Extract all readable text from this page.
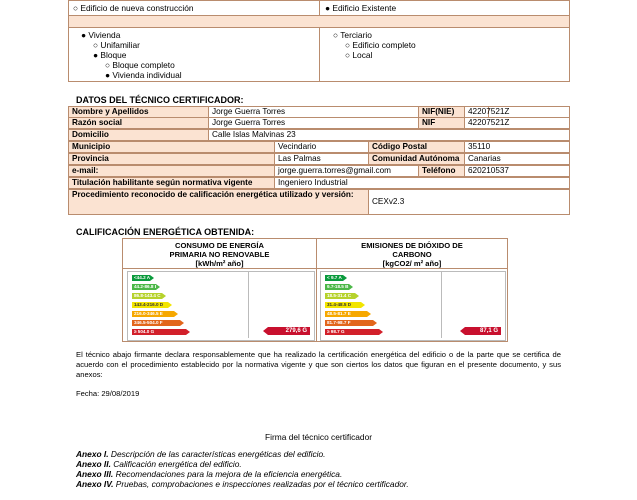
○ Edificio de nueva construcción	● Edificio Existente
● Vivienda
○ Unifamiliar
● Bloque
○ Bloque completo
● Vivienda individual
○ Terciario
○ Edificio completo
○ Local
DATOS DEL TÉCNICO CERTIFICADOR:
Nombre y Apellidos	Jorge Guerra Torres	NIF(NIE)	42207521Z
Razón social	Jorge Guerra Torres	NIF	42207521Z
Domicilio	Calle Islas Malvinas 23
Municipio	Vecindario	Código Postal	35110
Provincia	Las Palmas	Comunidad Autónoma	Canarias
e-mail:	jorge.guerra.torres@gmail.com	Teléfono	620210537
Titulación habilitante según normativa vigente	Ingeniero Industrial
Procedimiento reconocido de calificación energética utilizado y versión:
CEXv2.3
CALIFICACIÓN ENERGÉTICA OBTENIDA:
CONSUMO DE ENERGÍA
PRIMARIA NO RENOVABLE
[kWh/m² año]
EMISIONES DE DIÓXIDO DE
CARBONO
[kgCO2/ m² año]
<44.2 A
44.2-86.8 B
86.8-143.4 C
143.4-216.0 D
216.0-346.5 E
346.5-504.0 F
≥ 504.0 G	279,6 G
< 9.7 A
9.7-18.5 B
18.5-31.4 C
31.4-48.5 D
48.5-81.7 E
81.7-98.7 F
≥ 98.7 G	87,1 G
El técnico abajo firmante declara responsablemente que ha realizado la certificación energética del edificio o de la parte que se certifica de acuerdo con el procedimiento establecido por la normativa vigente y que son ciertos los datos que figuran en el presente documento, y sus anexos:
Fecha: 29/08/2019
Firma del técnico certificador
Anexo I. Descripción de las características energéticas del edificio.
Anexo II. Calificación energética del edificio.
Anexo III. Recomendaciones para la mejora de la eficiencia energética.
Anexo IV. Pruebas, comprobaciones e inspecciones realizadas por el técnico certificador.
